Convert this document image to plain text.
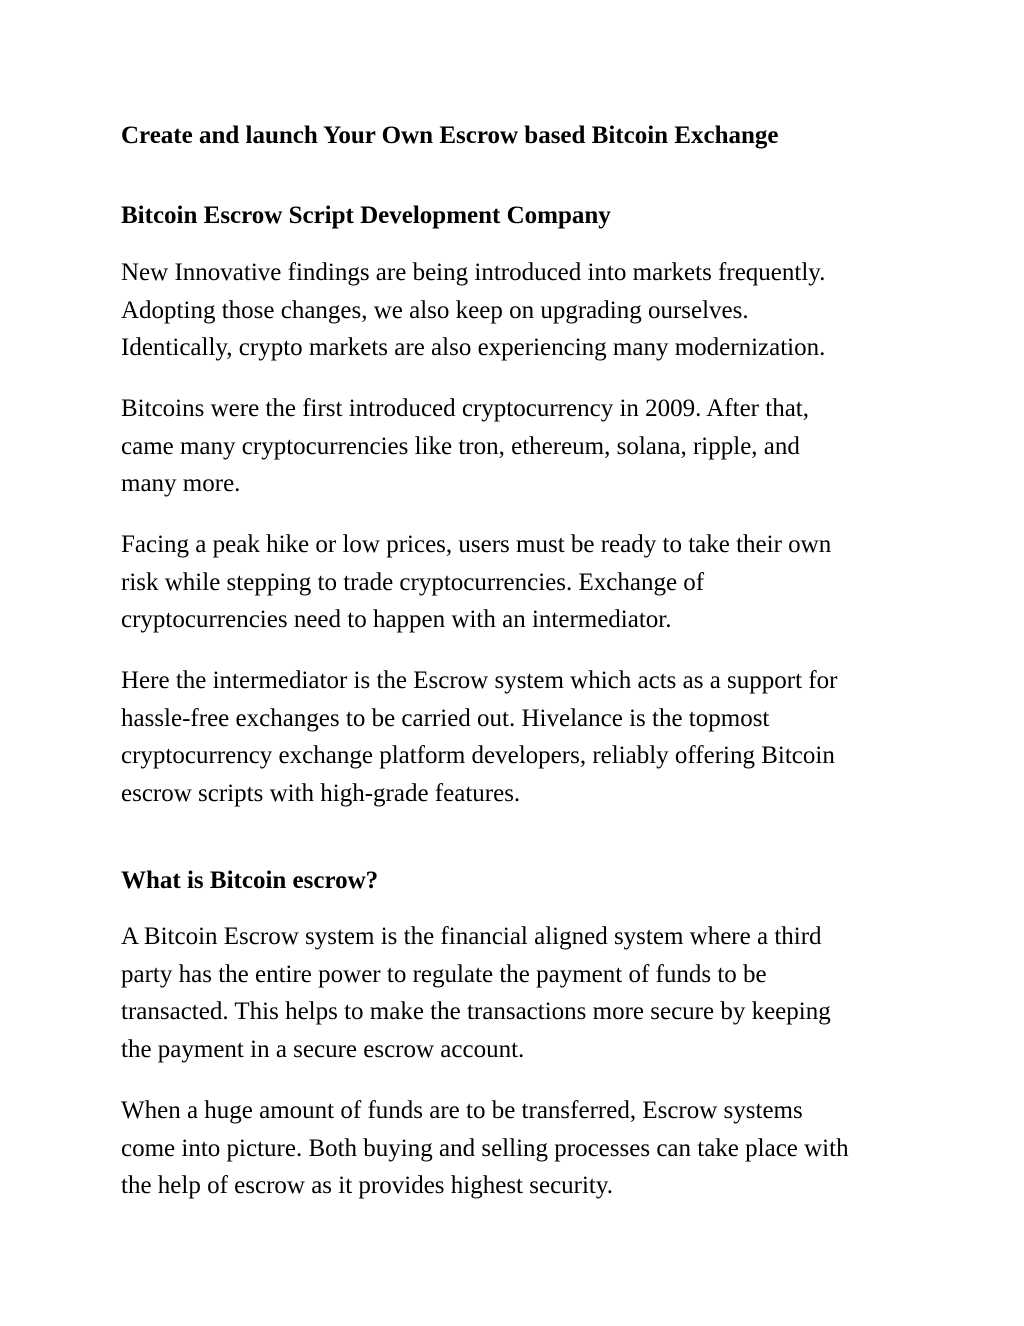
Create and launch Your Own Escrow based Bitcoin Exchange
Bitcoin Escrow Script Development Company

New Innovative findings are being introduced into markets frequently.
Adopting those changes, we also keep on upgrading ourselves.
Identically, crypto markets are also experiencing many modernization.

Bitcoins were the first introduced cryptocurrency in 2009. After that,
came many cryptocurrencies like tron, ethereum, solana, ripple, and
many more.

Facing a peak hike or low prices, users must be ready to take their own
risk while stepping to trade cryptocurrencies. Exchange of
cryptocurrencies need to happen with an intermediator.

Here the intermediator is the Escrow system which acts as a support for
hassle-free exchanges to be carried out. Hivelance is the topmost
cryptocurrency exchange platform developers, reliably offering Bitcoin
escrow scripts with high-grade features.

What is Bitcoin escrow?

A Bitcoin Escrow system is the financial aligned system where a third
party has the entire power to regulate the payment of funds to be
transacted. This helps to make the transactions more secure by keeping
the payment in a secure escrow account.

When a huge amount of funds are to be transferred, Escrow systems
come into picture. Both buying and selling processes can take place with
the help of escrow as it provides highest security.
